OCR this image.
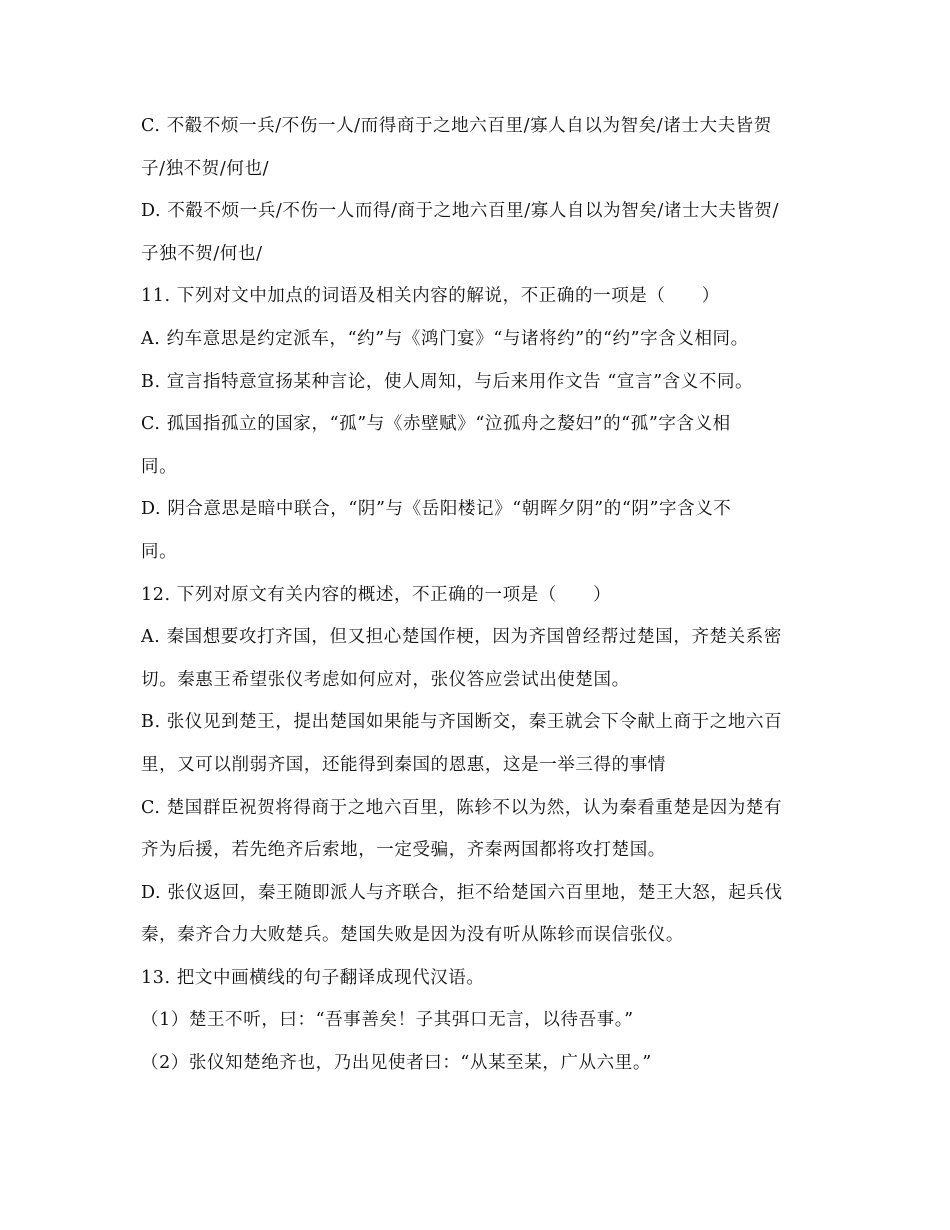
C. 不觳不烦一兵/不伤一人/而得商于之地六百里/寡人自以为智矣/诸士大夫皆贺
子/独不贺/何也/
D. 不觳不烦一兵/不伤一人而得/商于之地六百里/寡人自以为智矣/诸士大夫皆贺/
子独不贺/何也/
11. 下列对文中加点的词语及相关内容的解说，不正确的一项是（　　）
A. 约车意思是约定派车，“约”与《鸿门宴》“与诸将约”的“约”字含义相同。
B. 宣言指特意宣扬某种言论，使人周知，与后来用作文告 “宣言”含义不同。
C. 孤国指孤立的国家，“孤”与《赤壁赋》“泣孤舟之嫠妇”的“孤”字含义相
同。
D. 阴合意思是暗中联合，“阴”与《岳阳楼记》“朝晖夕阴”的“阴”字含义不
同。
12. 下列对原文有关内容的概述，不正确的一项是（　　）
A. 秦国想要攻打齐国，但又担心楚国作梗，因为齐国曾经帮过楚国，齐楚关系密
切。秦惠王希望张仪考虑如何应对，张仪答应尝试出使楚国。
B. 张仪见到楚王，提出楚国如果能与齐国断交，秦王就会下令献上商于之地六百
里，又可以削弱齐国，还能得到秦国的恩惠，这是一举三得的事情
C. 楚国群臣祝贺将得商于之地六百里，陈轸不以为然，认为秦看重楚是因为楚有
齐为后援，若先绝齐后索地，一定受骗，齐秦两国都将攻打楚国。
D. 张仪返回，秦王随即派人与齐联合，拒不给楚国六百里地，楚王大怒，起兵伐
秦，秦齐合力大败楚兵。楚国失败是因为没有听从陈轸而误信张仪。
13. 把文中画横线的句子翻译成现代汉语。
（1）楚王不听，曰：“吾事善矣！子其弭口无言，以待吾事。”
（2）张仪知楚绝齐也，乃出见使者曰：“从某至某，广从六里。”
